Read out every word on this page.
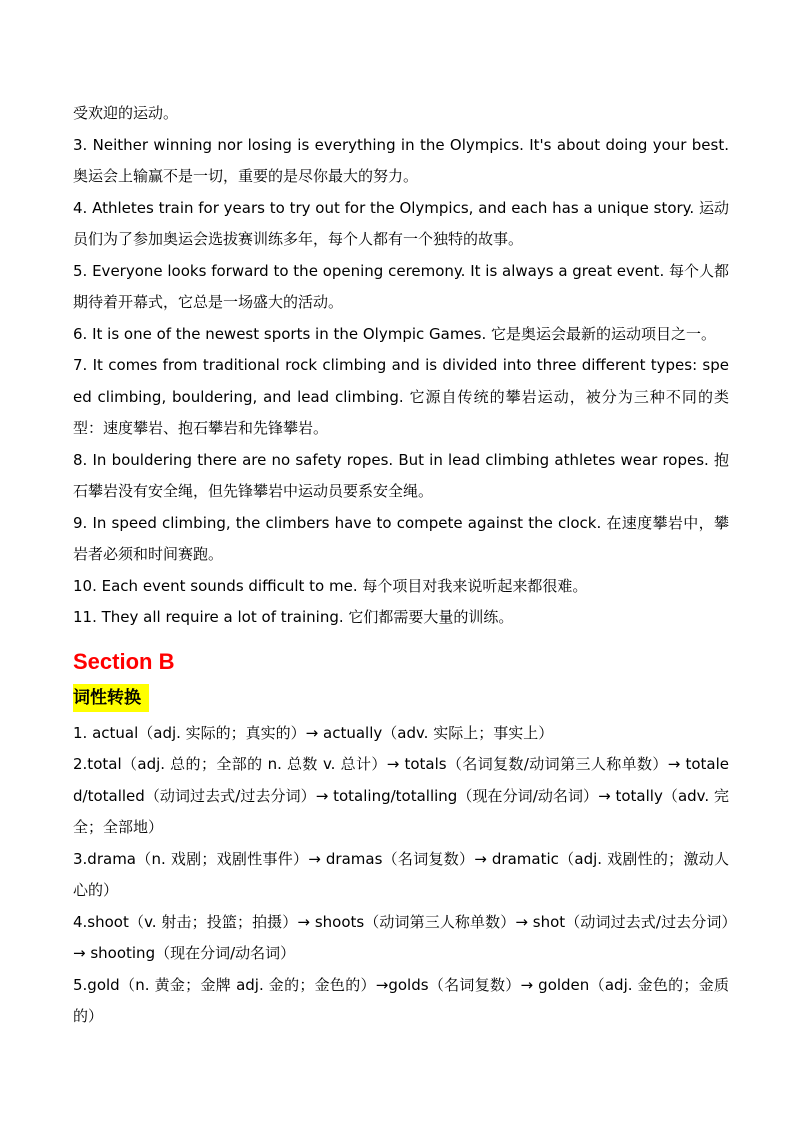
受欢迎的运动。

3. Neither winning nor losing is everything in the Olympics. It's about doing your best. 奥运会上输赢不是一切，重要的是尽你最大的努力。

4. Athletes train for years to try out for the Olympics, and each has a unique story. 运动员们为了参加奥运会选拔赛训练多年，每个人都有一个独特的故事。

5. Everyone looks forward to the opening ceremony. It is always a great event. 每个人都期待着开幕式，它总是一场盛大的活动。

6. It is one of the newest sports in the Olympic Games. 它是奥运会最新的运动项目之一。

7. It comes from traditional rock climbing and is divided into three different types: speed climbing, bouldering, and lead climbing. 它源自传统的攀岩运动，被分为三种不同的类型：速度攀岩、抱石攀岩和先锋攀岩。

8. In bouldering there are no safety ropes. But in lead climbing athletes wear ropes. 抱石攀岩没有安全绳，但先锋攀岩中运动员要系安全绳。

9. In speed climbing, the climbers have to compete against the clock. 在速度攀岩中，攀岩者必须和时间赛跑。

10. Each event sounds difficult to me. 每个项目对我来说听起来都很难。

11. They all require a lot of training. 它们都需要大量的训练。

Section B
词性转换

1. actual（adj. 实际的；真实的）→ actually（adv. 实际上；事实上）

2.total（adj. 总的；全部的 n. 总数 v. 总计）→ totals（名词复数/动词第三人称单数）→ totaled/totalled（动词过去式/过去分词）→ totaling/totalling（现在分词/动名词）→ totally（adv. 完全；全部地）

3.drama（n. 戏剧；戏剧性事件）→ dramas（名词复数）→ dramatic（adj. 戏剧性的；激动人心的）

4.shoot（v. 射击；投篮；拍摄）→ shoots（动词第三人称单数）→ shot（动词过去式/过去分词）→ shooting（现在分词/动名词）

5.gold（n. 黄金；金牌 adj. 金的；金色的）→golds（名词复数）→ golden（adj. 金色的；金质的）
